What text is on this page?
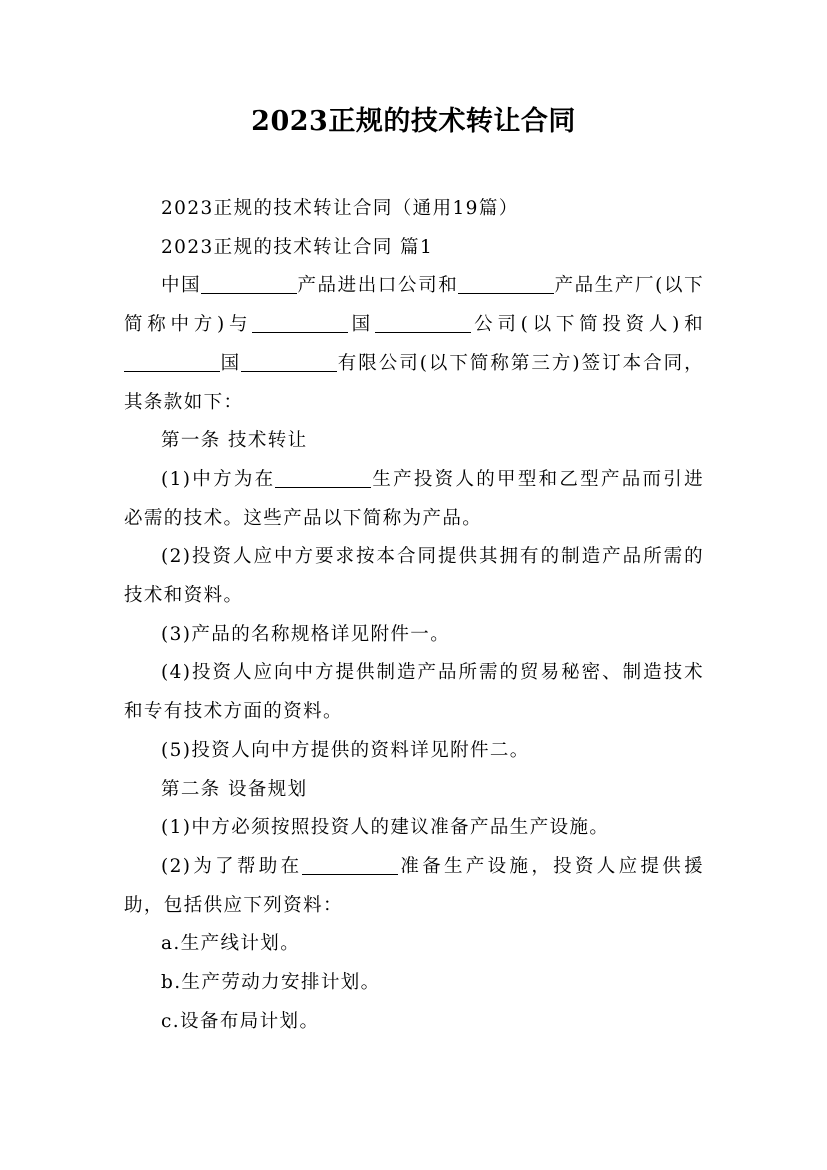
2023正规的技术转让合同

2023正规的技术转让合同（通用19篇）

2023正规的技术转让合同 篇1

中国	产品进出口公司和	产品生产厂(以下简称中方)与	国	公司(以下简投资人)和国	有限公司(以下简称第三方)签订本合同，其条款如下：

第一条 技术转让

(1)中方为在	生产投资人的甲型和乙型产品而引进必需的技术。这些产品以下简称为产品。

(2)投资人应中方要求按本合同提供其拥有的制造产品所需的技术和资料。

(3)产品的名称规格详见附件一。

(4)投资人应向中方提供制造产品所需的贸易秘密、制造技术和专有技术方面的资料。

(5)投资人向中方提供的资料详见附件二。

第二条 设备规划

(1)中方必须按照投资人的建议准备产品生产设施。

(2)为了帮助在	准备生产设施，投资人应提供援助，包括供应下列资料：

a.生产线计划。

b.生产劳动力安排计划。

c.设备布局计划。
